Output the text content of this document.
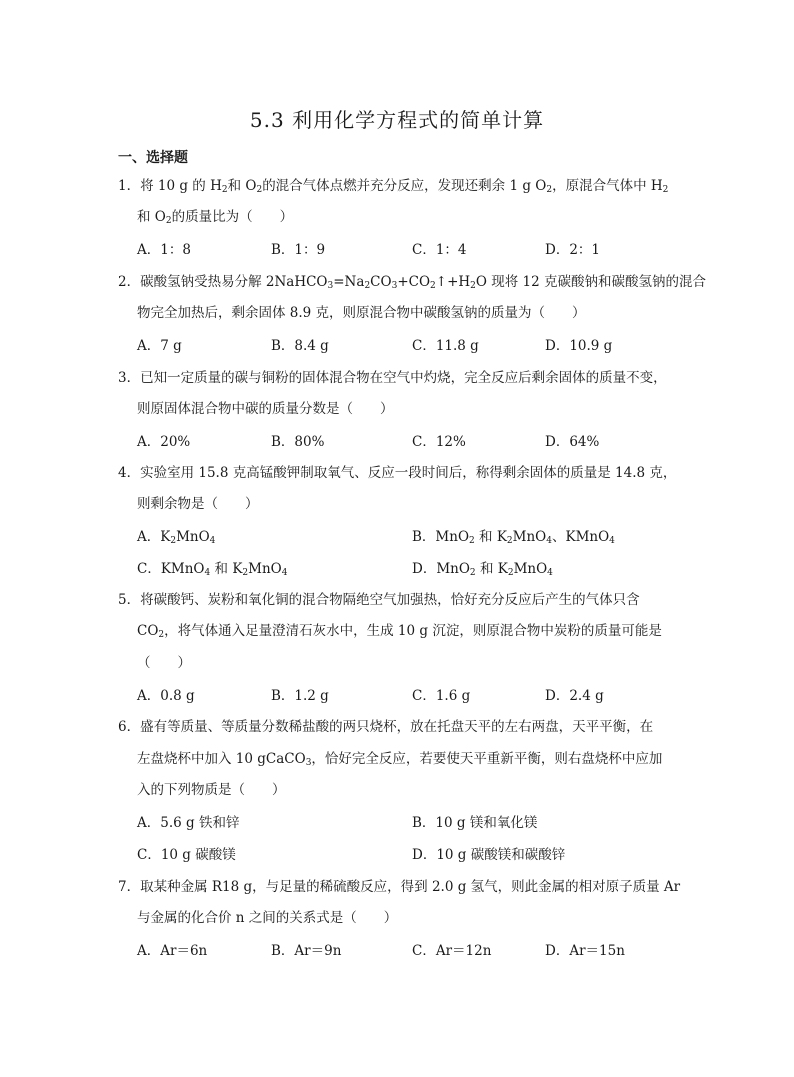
5.3 利用化学方程式的简单计算
一、选择题
1．将 10 g 的 $H_2$和 $O_2$的混合气体点燃并充分反应，发现还剩余 1 g $O_2$，原混合气体中 $H_2$
和 $O_2$的质量比为（　　）
A．1：8	B．1：9	C．1：4	D．2：1
2．碳酸氢钠受热易分解 $2NaHCO_3=Na_2CO_3+CO_2↑+H_2O$ 现将 12 克碳酸钠和碳酸氢钠的混合
物完全加热后，剩余固体 8.9 克，则原混合物中碳酸氢钠的质量为（　　）
A．7 g	B．8.4 g	C．11.8 g	D．10.9 g
3．已知一定质量的碳与铜粉的固体混合物在空气中灼烧，完全反应后剩余固体的质量不变，
则原固体混合物中碳的质量分数是（　　）
A．20%	B．80%	C．12%	D．64%
4．实验室用 15.8 克高锰酸钾制取氧气、反应一段时间后，称得剩余固体的质量是 14.8 克，
则剩余物是（　　）
A．$K_2MnO_4$	B．MnO$_2$ 和 $K_2MnO_4$、KMnO$_4$
C．KMnO$_4$ 和 $K_2MnO_4$	D．MnO$_2$ 和 $K_2MnO_4$
5．将碳酸钙、炭粉和氧化铜的混合物隔绝空气加强热，恰好充分反应后产生的气体只含
$CO_2$，将气体通入足量澄清石灰水中，生成 10 g 沉淀，则原混合物中炭粉的质量可能是
（　　）
A．0.8 g	B．1.2 g	C．1.6 g	D．2.4 g
6．盛有等质量、等质量分数稀盐酸的两只烧杯，放在托盘天平的左右两盘，天平平衡，在
左盘烧杯中加入 10 gCaCO$_3$，恰好完全反应，若要使天平重新平衡，则右盘烧杯中应加
入的下列物质是（　　）
A．5.6 g 铁和锌	B．10 g 镁和氧化镁
C．10 g 碳酸镁	D．10 g 碳酸镁和碳酸锌
7．取某种金属 R18 g，与足量的稀硫酸反应，得到 2.0 g 氢气，则此金属的相对原子质量 Ar
与金属的化合价 n 之间的关系式是（　　）
A．Ar＝6n	B．Ar＝9n	C．Ar＝12n	D．Ar＝15n
